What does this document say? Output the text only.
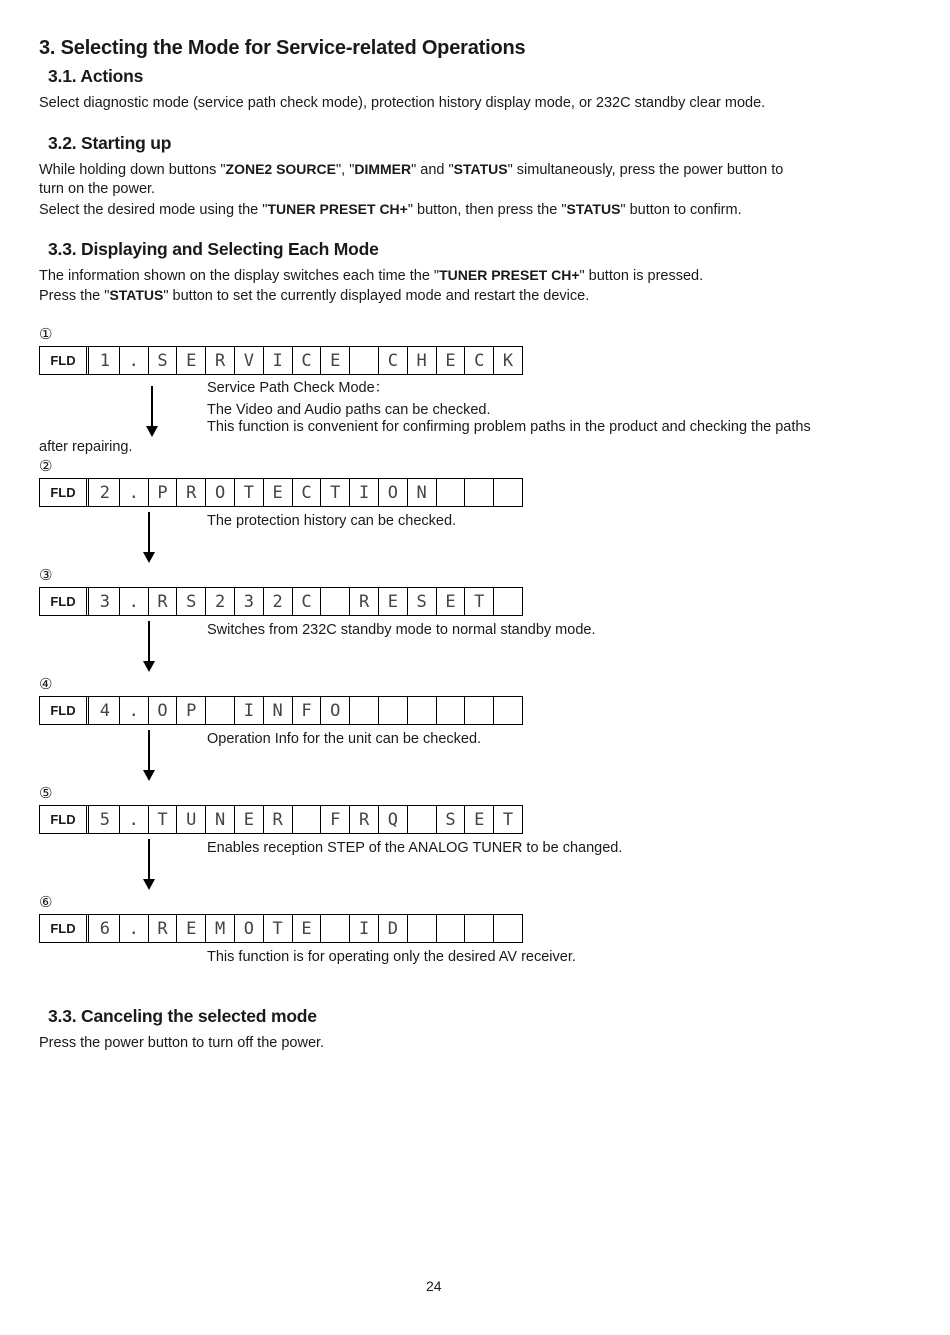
3. Selecting the Mode for Service-related Operations
3.1. Actions
Select diagnostic mode (service path check mode), protection history display mode, or 232C standby clear mode.
3.2. Starting up
While holding down buttons "ZONE2 SOURCE", "DIMMER" and "STATUS" simultaneously, press the power button to
turn on the power.
Select the desired mode using the "TUNER PRESET CH+" button, then press the "STATUS" button to confirm.
3.3. Displaying and Selecting Each Mode
The information shown on the display switches each time the "TUNER PRESET CH+" button is pressed.
Press the "STATUS" button to set the currently displayed mode and restart the device.
①
FLD	1	.	S	E	R	V	I	C	E	C	H	E	C	K
Service Path Check Mode：
The Video and Audio paths can be checked.
This function is convenient for confirming problem paths in the product and checking the paths
after repairing.
②
FLD	2	.	P	R	O	T	E	C	T	I	O	N
The protection history can be checked.
③
FLD	3	.	R	S	2	3	2	C	R	E	S	E	T
Switches from 232C standby mode to normal standby mode.
④
FLD	4	.	O	P	I	N	F	O
Operation Info for the unit can be checked.
⑤
FLD	5	.	T	U	N	E	R	F	R	Q	S	E	T
Enables reception STEP of the ANALOG TUNER to be changed.
⑥
FLD	6	.	R	E	M	O	T	E	I	D
This function is for operating only the desired AV receiver.
3.3. Canceling the selected mode
Press the power button to turn off the power.
24
